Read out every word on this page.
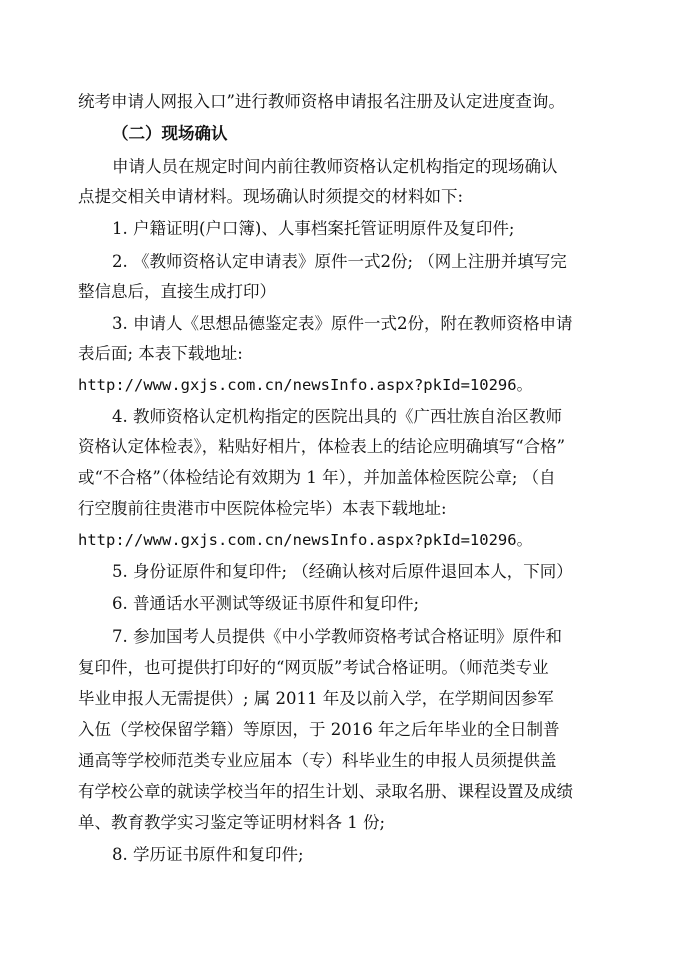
统考申请人网报入口”进行教师资格申请报名注册及认定进度查询。
（二）现场确认
申请人员在规定时间内前往教师资格认定机构指定的现场确认
点提交相关申请材料。现场确认时须提交的材料如下:
1. 户籍证明(户口簿)、人事档案托管证明原件及复印件;
2. 《教师资格认定申请表》原件一式2份; （网上注册并填写完
整信息后，直接生成打印）
3. 申请人《思想品德鉴定表》原件一式2份，附在教师资格申请
表后面; 本表下载地址:
http://www.gxjs.com.cn/newsInfo.aspx?pkId=10296。
4. 教师资格认定机构指定的医院出具的《广西壮族自治区教师
资格认定体检表》，粘贴好相片，体检表上的结论应明确填写“合格”
或“不合格”（体检结论有效期为 1 年），并加盖体检医院公章; （自
行空腹前往贵港市中医院体检完毕）本表下载地址:
http://www.gxjs.com.cn/newsInfo.aspx?pkId=10296。
5. 身份证原件和复印件; （经确认核对后原件退回本人，下同）
6. 普通话水平测试等级证书原件和复印件;
7. 参加国考人员提供《中小学教师资格考试合格证明》原件和
复印件，也可提供打印好的“网页版”考试合格证明。（师范类专业
毕业申报人无需提供）; 属 2011 年及以前入学，在学期间因参军
入伍（学校保留学籍）等原因，于 2016 年之后年毕业的全日制普
通高等学校师范类专业应届本（专）科毕业生的申报人员须提供盖
有学校公章的就读学校当年的招生计划、录取名册、课程设置及成绩
单、教育教学实习鉴定等证明材料各 1 份;
8. 学历证书原件和复印件;
